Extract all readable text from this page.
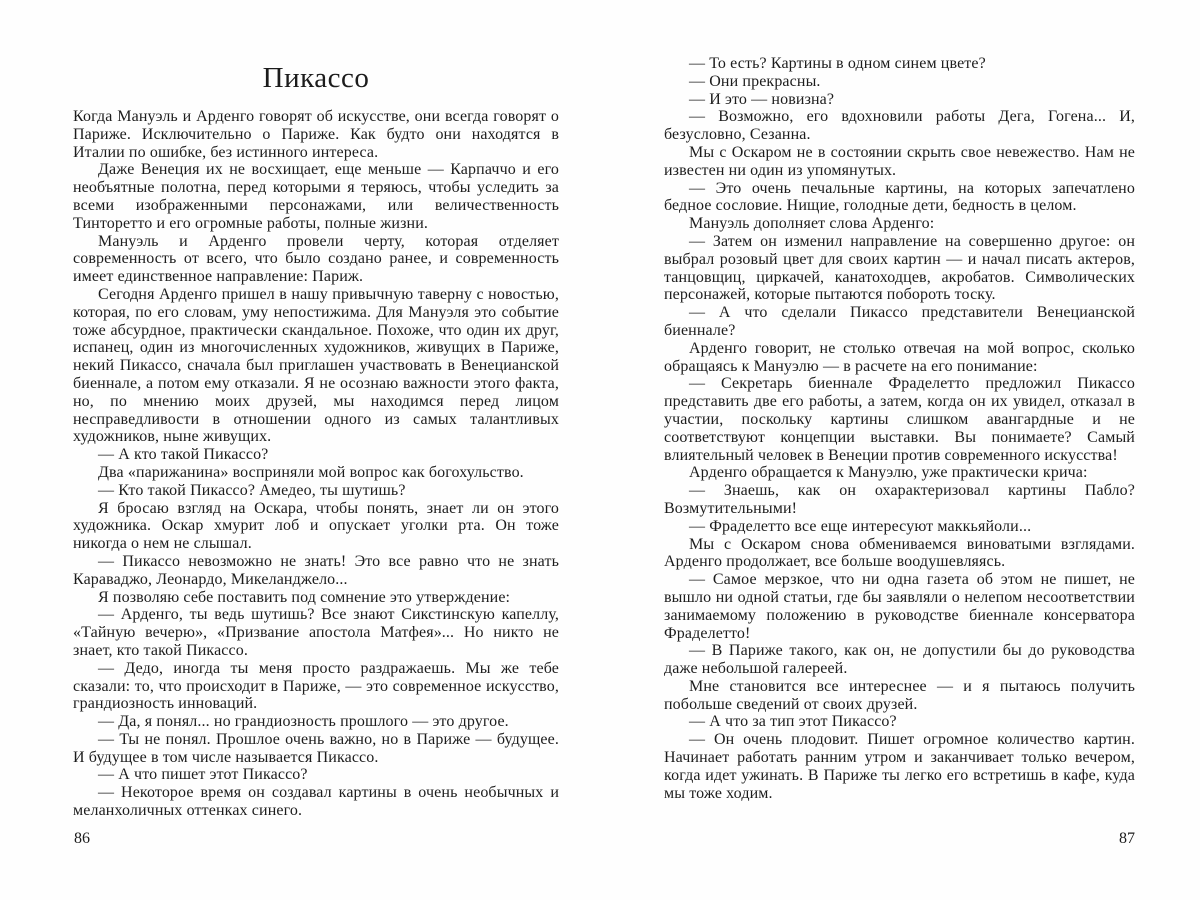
Пикассо

Когда Мануэль и Арденго говорят об искусстве, они всегда говорят о Париже. Исключительно о Париже. Как будто они находятся в Италии по ошибке, без истинного интереса.

Даже Венеция их не восхищает, еще меньше — Карпаччо и его необъятные полотна, перед которыми я теряюсь, чтобы уследить за всеми изображенными персонажами, или величественность Тинторетто и его огромные работы, полные жизни.

Мануэль и Арденго провели черту, которая отделяет современность от всего, что было создано ранее, и современность имеет единственное направление: Париж.

Сегодня Арденго пришел в нашу привычную таверну с новостью, которая, по его словам, уму непостижима. Для Мануэля это событие тоже абсурдное, практически скандальное. Похоже, что один их друг, испанец, один из многочисленных художников, живущих в Париже, некий Пикассо, сначала был приглашен участвовать в Венецианской биеннале, а потом ему отказали. Я не осознаю важности этого факта, но, по мнению моих друзей, мы находимся перед лицом несправедливости в отношении одного из самых талантливых художников, ныне живущих.

— А кто такой Пикассо?

Два «парижанина» восприняли мой вопрос как богохульство.

— Кто такой Пикассо? Амедео, ты шутишь?

Я бросаю взгляд на Оскара, чтобы понять, знает ли он этого художника. Оскар хмурит лоб и опускает уголки рта. Он тоже никогда о нем не слышал.

— Пикассо невозможно не знать! Это все равно что не знать Караваджо, Леонардо, Микеланджело...

Я позволяю себе поставить под сомнение это утверждение:

— Арденго, ты ведь шутишь? Все знают Сикстинскую капеллу, «Тайную вечерю», «Призвание апостола Матфея»... Но никто не знает, кто такой Пикассо.

— Дедо, иногда ты меня просто раздражаешь. Мы же тебе сказали: то, что происходит в Париже, — это современное искусство, грандиозность инноваций.

— Да, я понял... но грандиозность прошлого — это другое.

— Ты не понял. Прошлое очень важно, но в Париже — будущее. И будущее в том числе называется Пикассо.

— А что пишет этот Пикассо?

— Некоторое время он создавал картины в очень необычных и меланхоличных оттенках синего.

86

— То есть? Картины в одном синем цвете?

— Они прекрасны.

— И это — новизна?

— Возможно, его вдохновили работы Дега, Гогена... И, безусловно, Сезанна.

Мы с Оскаром не в состоянии скрыть свое невежество. Нам не известен ни один из упомянутых.

— Это очень печальные картины, на которых запечатлено бедное сословие. Нищие, голодные дети, бедность в целом.

Мануэль дополняет слова Арденго:

— Затем он изменил направление на совершенно другое: он выбрал розовый цвет для своих картин — и начал писать актеров, танцовщиц, циркачей, канатоходцев, акробатов. Символических персонажей, которые пытаются побороть тоску.

— А что сделали Пикассо представители Венецианской биеннале?

Арденго говорит, не столько отвечая на мой вопрос, сколько обращаясь к Мануэлю — в расчете на его понимание:

— Секретарь биеннале Фраделетто предложил Пикассо представить две его работы, а затем, когда он их увидел, отказал в участии, поскольку картины слишком авангардные и не соответствуют концепции выставки. Вы понимаете? Самый влиятельный человек в Венеции против современного искусства!

Арденго обращается к Мануэлю, уже практически крича:

— Знаешь, как он охарактеризовал картины Пабло? Возмутительными!

— Фраделетто все еще интересуют маккьяйоли...

Мы с Оскаром снова обмениваемся виноватыми взглядами. Арденго продолжает, все больше воодушевляясь.

— Самое мерзкое, что ни одна газета об этом не пишет, не вышло ни одной статьи, где бы заявляли о нелепом несоответствии занимаемому положению в руководстве биеннале консерватора Фраделетто!

— В Париже такого, как он, не допустили бы до руководства даже небольшой галереей.

Мне становится все интереснее — и я пытаюсь получить побольше сведений от своих друзей.

— А что за тип этот Пикассо?

— Он очень плодовит. Пишет огромное количество картин. Начинает работать ранним утром и заканчивает только вечером, когда идет ужинать. В Париже ты легко его встретишь в кафе, куда мы тоже ходим.

87
